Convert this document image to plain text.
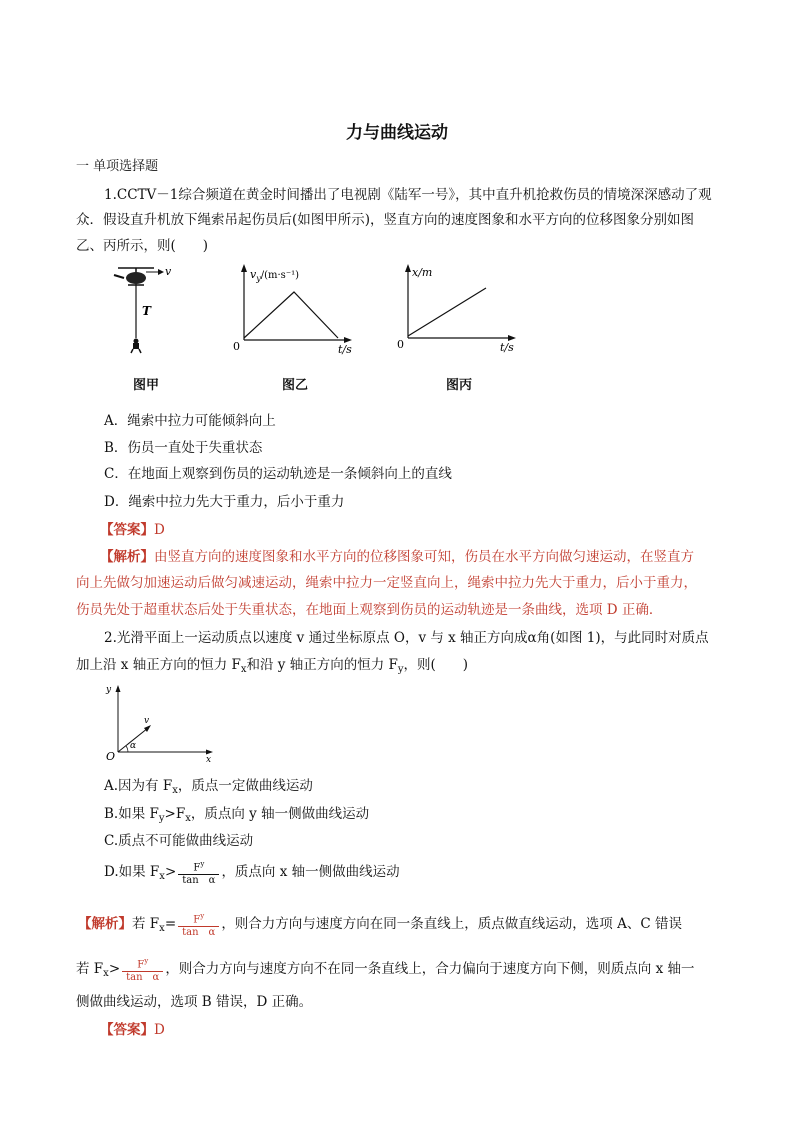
力与曲线运动
一 单项选择题
1.CCTV－1综合频道在黄金时间播出了电视剧《陆军一号》，其中直升机抢救伤员的情境深深感动了观
众．假设直升机放下绳索吊起伤员后(如图甲所示)，竖直方向的速度图象和水平方向的位移图象分别如图
乙、丙所示，则(　　)
v
T
图甲
$v_y/(m\cdot s^{-1})$
0	t/s
图乙
x/m
0	t/s
图丙
A．绳索中拉力可能倾斜向上
B．伤员一直处于失重状态
C．在地面上观察到伤员的运动轨迹是一条倾斜向上的直线
D．绳索中拉力先大于重力，后小于重力
【答案】D
【解析】由竖直方向的速度图象和水平方向的位移图象可知，伤员在水平方向做匀速运动，在竖直方
向上先做匀加速运动后做匀减速运动，绳索中拉力一定竖直向上，绳索中拉力先大于重力，后小于重力，
伤员先处于超重状态后处于失重状态，在地面上观察到伤员的运动轨迹是一条曲线，选项 D 正确．
2.光滑平面上一运动质点以速度 v 通过坐标原点 O，v 与 x 轴正方向成α角(如图 1)，与此同时对质点
加上沿 x 轴正方向的恒力 $F_x$和沿 y 轴正方向的恒力 $F_y$，则(　　)
y
v
α
O	x
A.因为有 $F_x$，质点一定做曲线运动
B.如果 $F_y>F_x$，质点向 y 轴一侧做曲线运动
C.质点不可能做曲线运动
D.如果 $F_x> \frac{F^y}{\text{tan　α}}$ ，质点向 x 轴一侧做曲线运动
【解析】若 $F_x= \frac{F^y}{\text{tan　α}}$ ，则合力方向与速度方向在同一条直线上，质点做直线运动，选项 A、C 错误
若 $F_x> \frac{F^y}{\text{tan　α}}$ ，则合力方向与速度方向不在同一条直线上，合力偏向于速度方向下侧，则质点向 x 轴一
侧做曲线运动，选项 B 错误，D 正确。
【答案】D
